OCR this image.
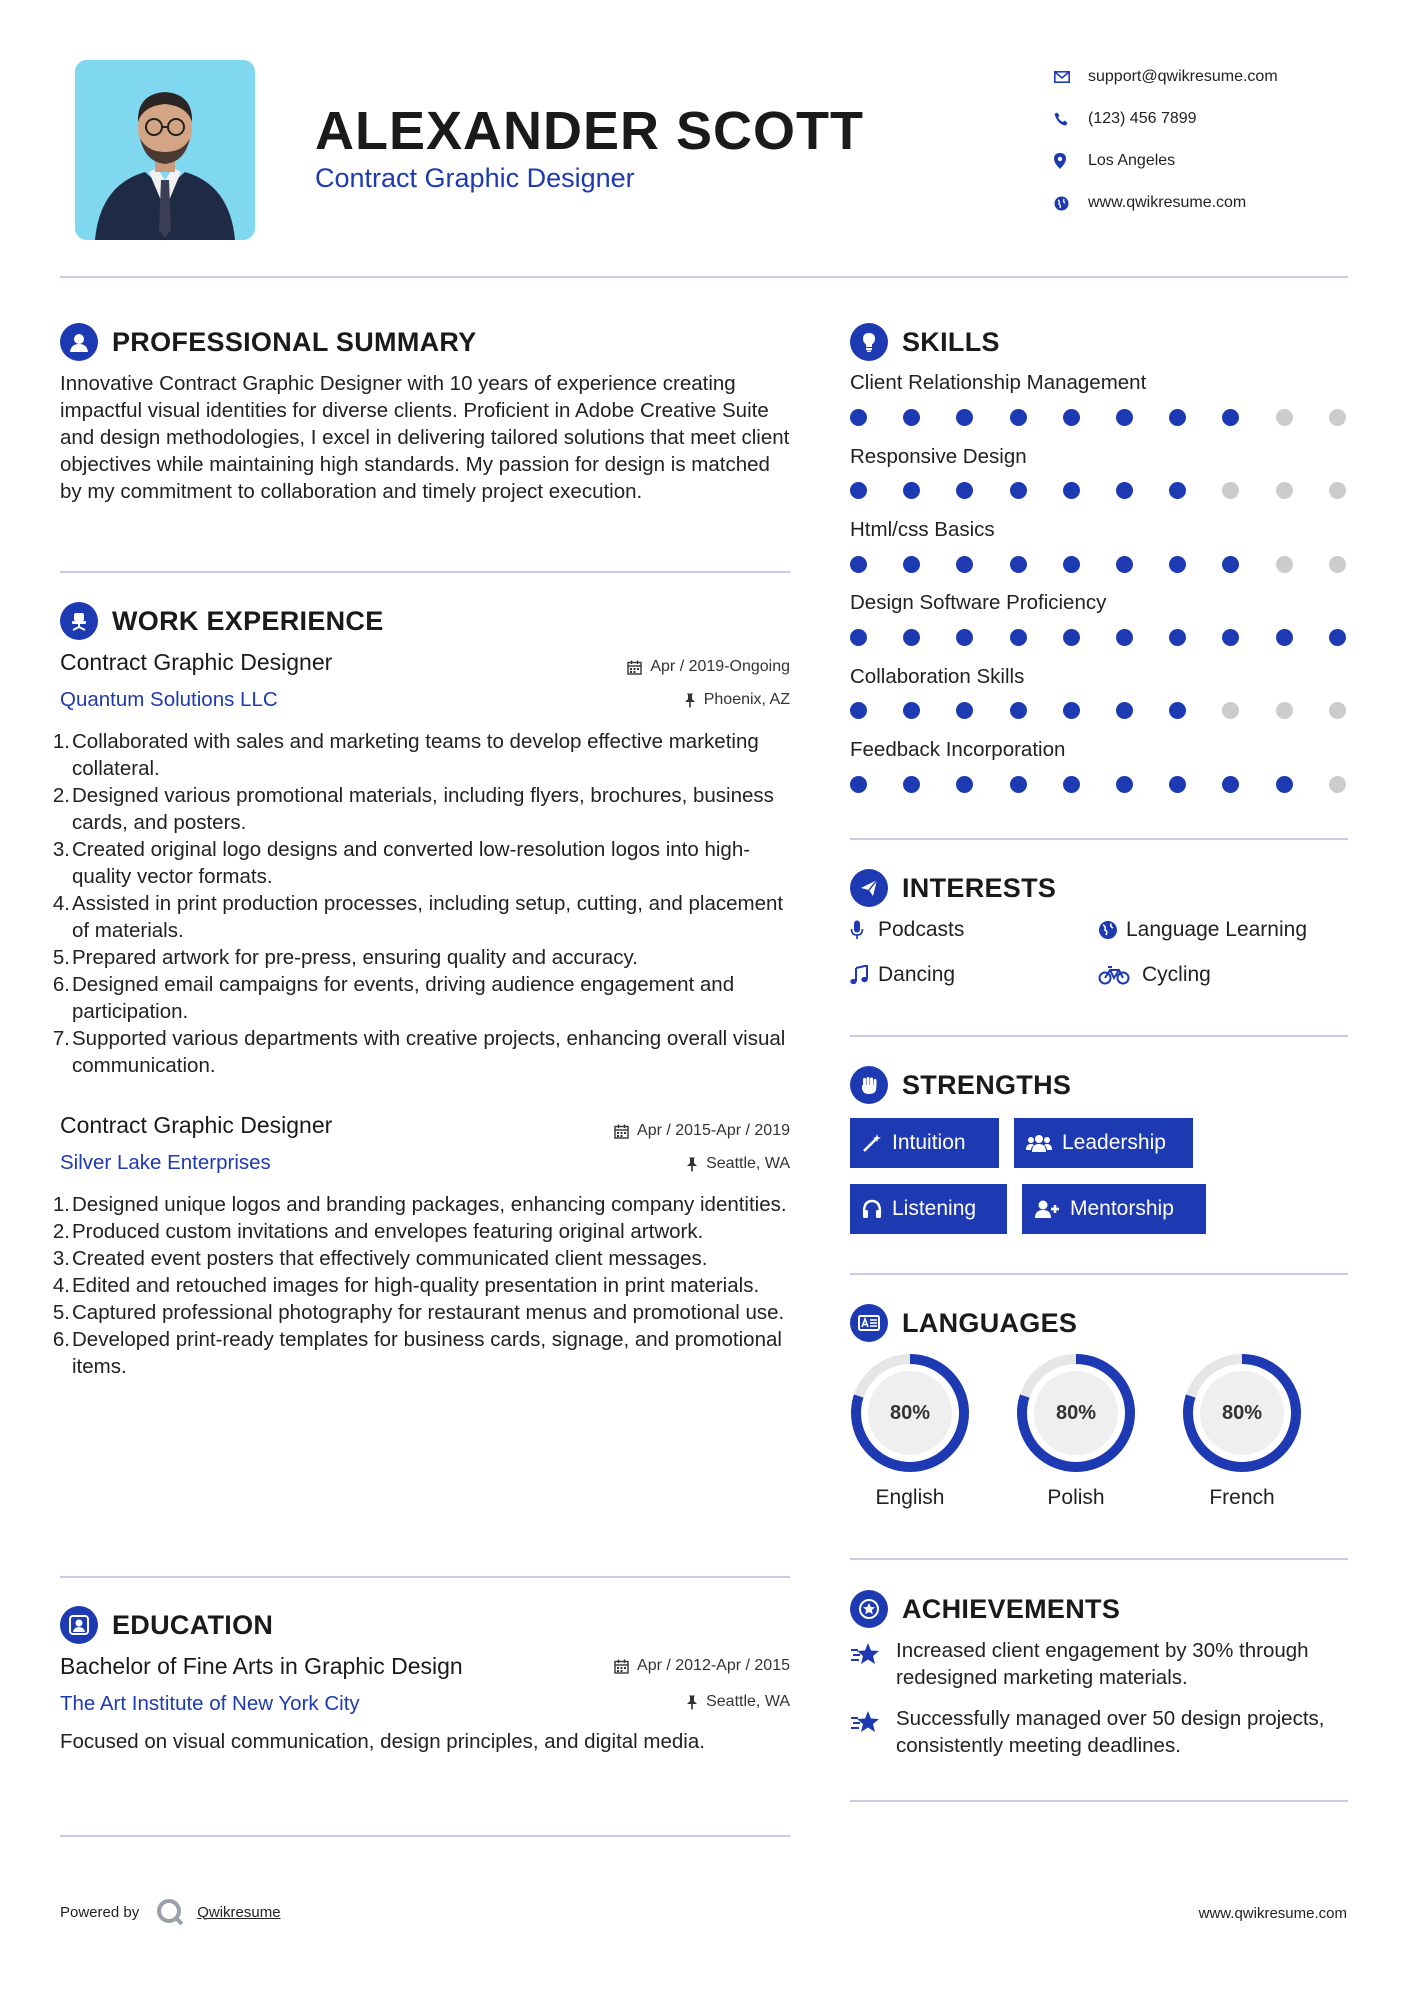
ALEXANDER SCOTT
Contract Graphic Designer
support@qwikresume.com
(123) 456 7899
Los Angeles
www.qwikresume.com
PROFESSIONAL SUMMARY
Innovative Contract Graphic Designer with 10 years of experience creating impactful visual identities for diverse clients. Proficient in Adobe Creative Suite and design methodologies, I excel in delivering tailored solutions that meet client objectives while maintaining high standards. My passion for design is matched by my commitment to collaboration and timely project execution.
WORK EXPERIENCE
Contract Graphic Designer	Apr / 2019-Ongoing
Quantum Solutions LLC	Phoenix, AZ
1. Collaborated with sales and marketing teams to develop effective marketing collateral.
2. Designed various promotional materials, including flyers, brochures, business cards, and posters.
3. Created original logo designs and converted low-resolution logos into high-quality vector formats.
4. Assisted in print production processes, including setup, cutting, and placement of materials.
5. Prepared artwork for pre-press, ensuring quality and accuracy.
6. Designed email campaigns for events, driving audience engagement and participation.
7. Supported various departments with creative projects, enhancing overall visual communication.
Contract Graphic Designer	Apr / 2015-Apr / 2019
Silver Lake Enterprises	Seattle, WA
1. Designed unique logos and branding packages, enhancing company identities.
2. Produced custom invitations and envelopes featuring original artwork.
3. Created event posters that effectively communicated client messages.
4. Edited and retouched images for high-quality presentation in print materials.
5. Captured professional photography for restaurant menus and promotional use.
6. Developed print-ready templates for business cards, signage, and promotional items.
EDUCATION
Bachelor of Fine Arts in Graphic Design	Apr / 2012-Apr / 2015
The Art Institute of New York City	Seattle, WA
Focused on visual communication, design principles, and digital media.
SKILLS
Client Relationship Management
Responsive Design
Html/css Basics
Design Software Proficiency
Collaboration Skills
Feedback Incorporation
INTERESTS
Podcasts	Language Learning
Dancing	Cycling
STRENGTHS
Intuition	Leadership
Listening	Mentorship
LANGUAGES
80%
English
80%
Polish
80%
French
ACHIEVEMENTS
Increased client engagement by 30% through redesigned marketing materials.
Successfully managed over 50 design projects, consistently meeting deadlines.
Powered by	Qwikresume	www.qwikresume.com
